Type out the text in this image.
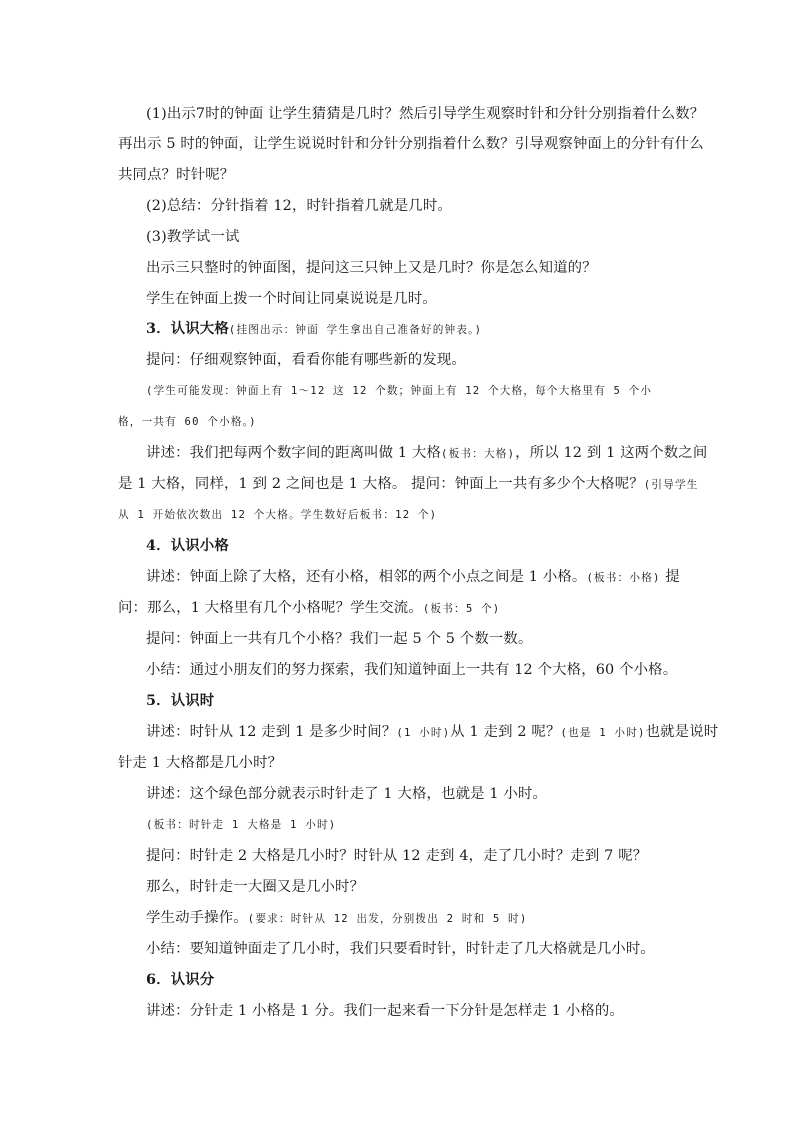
(1)出示7时的钟面 让学生猜猜是几时？然后引导学生观察时针和分针分别指着什么数？
再出示 5 时的钟面，让学生说说时针和分针分别指着什么数？引导观察钟面上的分针有什么
共同点？时针呢？
(2)总结：分针指着 12，时针指着几就是几时。
(3)教学试一试
出示三只整时的钟面图，提问这三只钟上又是几时？你是怎么知道的？
学生在钟面上拨一个时间让同桌说说是几时。
3．认识大格(挂图出示：钟面 学生拿出自己准备好的钟表。)
提问：仔细观察钟面，看看你能有哪些新的发现。
(学生可能发现：钟面上有 1～12 这 12 个数；钟面上有 12 个大格，每个大格里有 5 个小
格，一共有 60 个小格。)
讲述：我们把每两个数字间的距离叫做 1 大格(板书：大格)，所以 12 到 1 这两个数之间
是 1 大格，同样，1 到 2 之间也是 1 大格。 提问：钟面上一共有多少个大格呢？(引导学生
从 1 开始依次数出 12 个大格。学生数好后板书：12 个)
4．认识小格
讲述：钟面上除了大格，还有小格，相邻的两个小点之间是 1 小格。(板书：小格) 提
问：那么，1 大格里有几个小格呢？学生交流。(板书：5 个)
提问：钟面上一共有几个小格？我们一起 5 个 5 个数一数。
小结：通过小朋友们的努力探索，我们知道钟面上一共有 12 个大格，60 个小格。
5．认识时
讲述：时针从 12 走到 1 是多少时间？(1 小时)从 1 走到 2 呢？(也是 1 小时)也就是说时
针走 1 大格都是几小时？
讲述：这个绿色部分就表示时针走了 1 大格，也就是 1 小时。
(板书：时针走 1 大格是 1 小时)
提问：时针走 2 大格是几小时？时针从 12 走到 4，走了几小时？走到 7 呢？
那么，时针走一大圈又是几小时？
学生动手操作。(要求：时针从 12 出发，分别拨出 2 时和 5 时)
小结：要知道钟面走了几小时，我们只要看时针，时针走了几大格就是几小时。
6．认识分
讲述：分针走 1 小格是 1 分。我们一起来看一下分针是怎样走 1 小格的。
